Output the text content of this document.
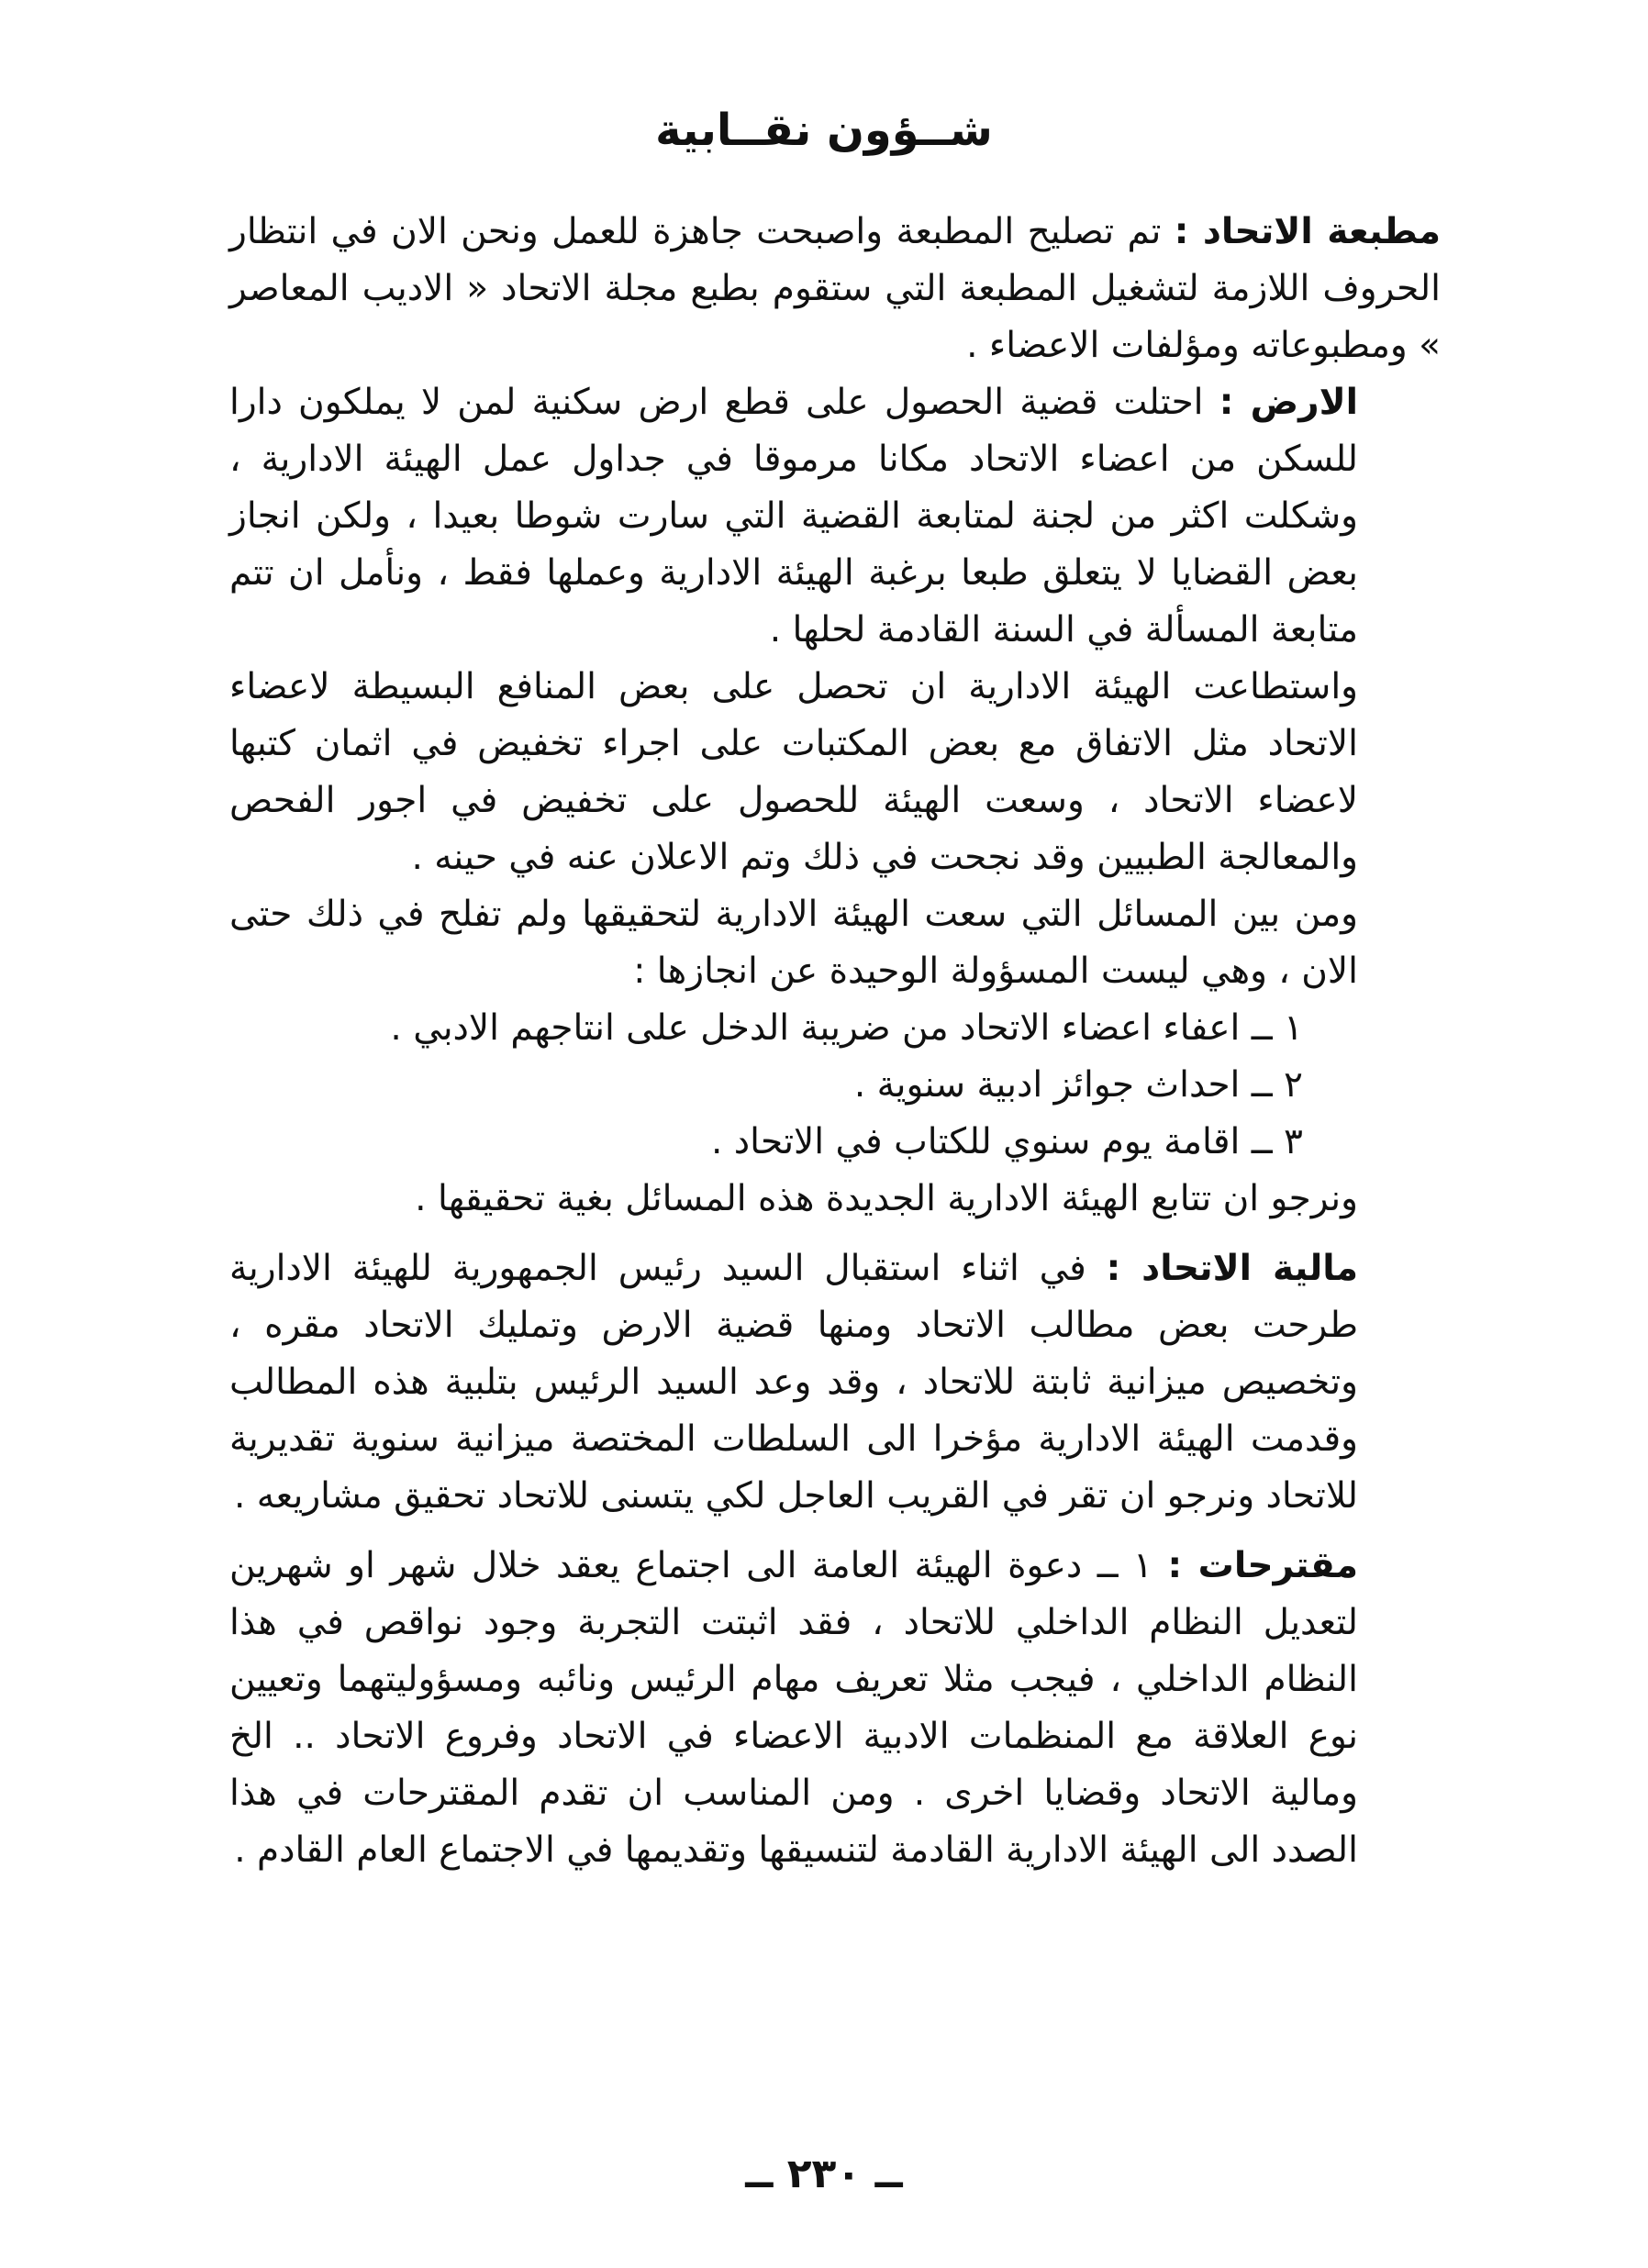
شــؤون نقــابية

مطبعة الاتحاد : تم تصليح المطبعة واصبحت جاهزة للعمل ونحن الان في انتظار الحروف اللازمة لتشغيل المطبعة التي ستقوم بطبع مجلة الاتحاد « الاديب المعاصر » ومطبوعاته ومؤلفات الاعضاء .

الارض : احتلت قضية الحصول على قطع ارض سكنية لمن لا يملكون دارا للسكن من اعضاء الاتحاد مكانا مرموقا في جداول عمل الهيئة الادارية ، وشكلت اكثر من لجنة لمتابعة القضية التي سارت شوطا بعيدا ، ولكن انجاز بعض القضايا لا يتعلق طبعا برغبة الهيئة الادارية وعملها فقط ، ونأمل ان تتم متابعة المسألة في السنة القادمة لحلها .

واستطاعت الهيئة الادارية ان تحصل على بعض المنافع البسيطة لاعضاء الاتحاد مثل الاتفاق مع بعض المكتبات على اجراء تخفيض في اثمان كتبها لاعضاء الاتحاد ، وسعت الهيئة للحصول على تخفيض في اجور الفحص والمعالجة الطبيين وقد نجحت في ذلك وتم الاعلان عنه في حينه .

ومن بين المسائل التي سعت الهيئة الادارية لتحقيقها ولم تفلح في ذلك حتى الان ، وهي ليست المسؤولة الوحيدة عن انجازها :

١ ــ اعفاء اعضاء الاتحاد من ضريبة الدخل على انتاجهم الادبي .

٢ ــ احداث جوائز ادبية سنوية .

٣ ــ اقامة يوم سنوي للكتاب في الاتحاد .

ونرجو ان تتابع الهيئة الادارية الجديدة هذه المسائل بغية تحقيقها .

مالية الاتحاد : في اثناء استقبال السيد رئيس الجمهورية للهيئة الادارية طرحت بعض مطالب الاتحاد ومنها قضية الارض وتمليك الاتحاد مقره ، وتخصيص ميزانية ثابتة للاتحاد ، وقد وعد السيد الرئيس بتلبية هذه المطالب وقدمت الهيئة الادارية مؤخرا الى السلطات المختصة ميزانية سنوية تقديرية للاتحاد ونرجو ان تقر في القريب العاجل لكي يتسنى للاتحاد تحقيق مشاريعه .

مقترحات : ١ ــ دعوة الهيئة العامة الى اجتماع يعقد خلال شهر او شهرين لتعديل النظام الداخلي للاتحاد ، فقد اثبتت التجربة وجود نواقص في هذا النظام الداخلي ، فيجب مثلا تعريف مهام الرئيس ونائبه ومسؤوليتهما وتعيين نوع العلاقة مع المنظمات الادبية الاعضاء في الاتحاد وفروع الاتحاد .. الخ ومالية الاتحاد وقضايا اخرى . ومن المناسب ان تقدم المقترحات في هذا الصدد الى الهيئة الادارية القادمة لتنسيقها وتقديمها في الاجتماع العام القادم .

ــ ٢٣٠ ــ
